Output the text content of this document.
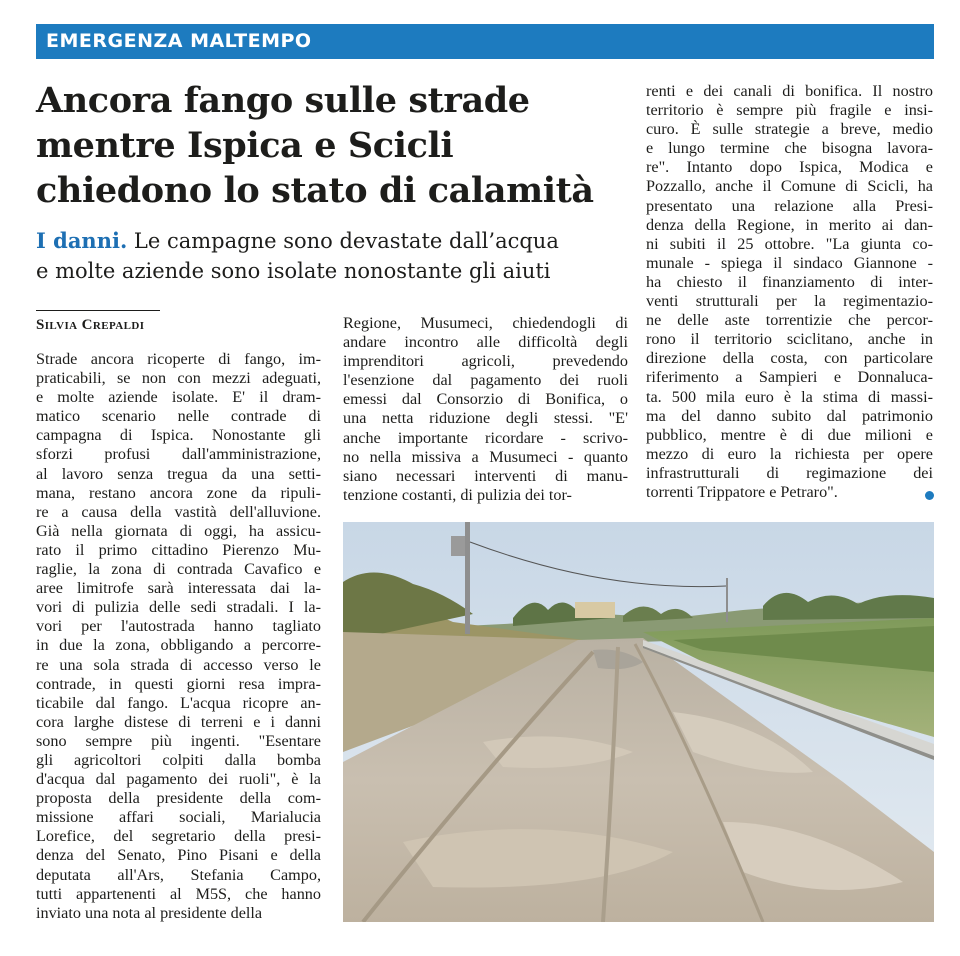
EMERGENZA MALTEMPO
Ancora fango sulle strade
mentre Ispica e Scicli
chiedono lo stato di calamità
I danni. Le campagne sono devastate dall’acqua
e molte aziende sono isolate nonostante gli aiuti
Silvia Crepaldi
Strade ancora ricoperte di fango, im-
praticabili, se non con mezzi adeguati,
e molte aziende isolate. E' il dram-
matico scenario nelle contrade di
campagna di Ispica. Nonostante gli
sforzi profusi dall'amministrazione,
al lavoro senza tregua da una setti-
mana, restano ancora zone da ripuli-
re a causa della vastità dell'alluvione.
Già nella giornata di oggi, ha assicu-
rato il primo cittadino Pierenzo Mu-
raglie, la zona di contrada Cavafico e
aree limitrofe sarà interessata dai la-
vori di pulizia delle sedi stradali. I la-
vori per l'autostrada hanno tagliato
in due la zona, obbligando a percorre-
re una sola strada di accesso verso le
contrade, in questi giorni resa impra-
ticabile dal fango. L'acqua ricopre an-
cora larghe distese di terreni e i danni
sono sempre più ingenti. "Esentare
gli agricoltori colpiti dalla bomba
d'acqua dal pagamento dei ruoli", è la
proposta della presidente della com-
missione affari sociali, Marialucia
Lorefice, del segretario della presi-
denza del Senato, Pino Pisani e della
deputata all'Ars, Stefania Campo,
tutti appartenenti al M5S, che hanno
inviato una nota al presidente della
Regione, Musumeci, chiedendogli di
andare incontro alle difficoltà degli
imprenditori agricoli, prevedendo
l'esenzione dal pagamento dei ruoli
emessi dal Consorzio di Bonifica, o
una netta riduzione degli stessi. "E'
anche importante ricordare - scrivo-
no nella missiva a Musumeci - quanto
siano necessari interventi di manu-
tenzione costanti, di pulizia dei tor-
renti e dei canali di bonifica. Il nostro
territorio è sempre più fragile e insi-
curo. È sulle strategie a breve, medio
e lungo termine che bisogna lavora-
re". Intanto dopo Ispica, Modica e
Pozzallo, anche il Comune di Scicli, ha
presentato una relazione alla Presi-
denza della Regione, in merito ai dan-
ni subiti il 25 ottobre. "La giunta co-
munale - spiega il sindaco Giannone -
ha chiesto il finanziamento di inter-
venti strutturali per la regimentazio-
ne delle aste torrentizie che percor-
rono il territorio sciclitano, anche in
direzione della costa, con particolare
riferimento a Sampieri e Donnaluca-
ta. 500 mila euro è la stima di massi-
ma del danno subito dal patrimonio
pubblico, mentre è di due milioni e
mezzo di euro la richiesta per opere
infrastrutturali di regimazione dei
torrenti Trippatore e Petraro".
